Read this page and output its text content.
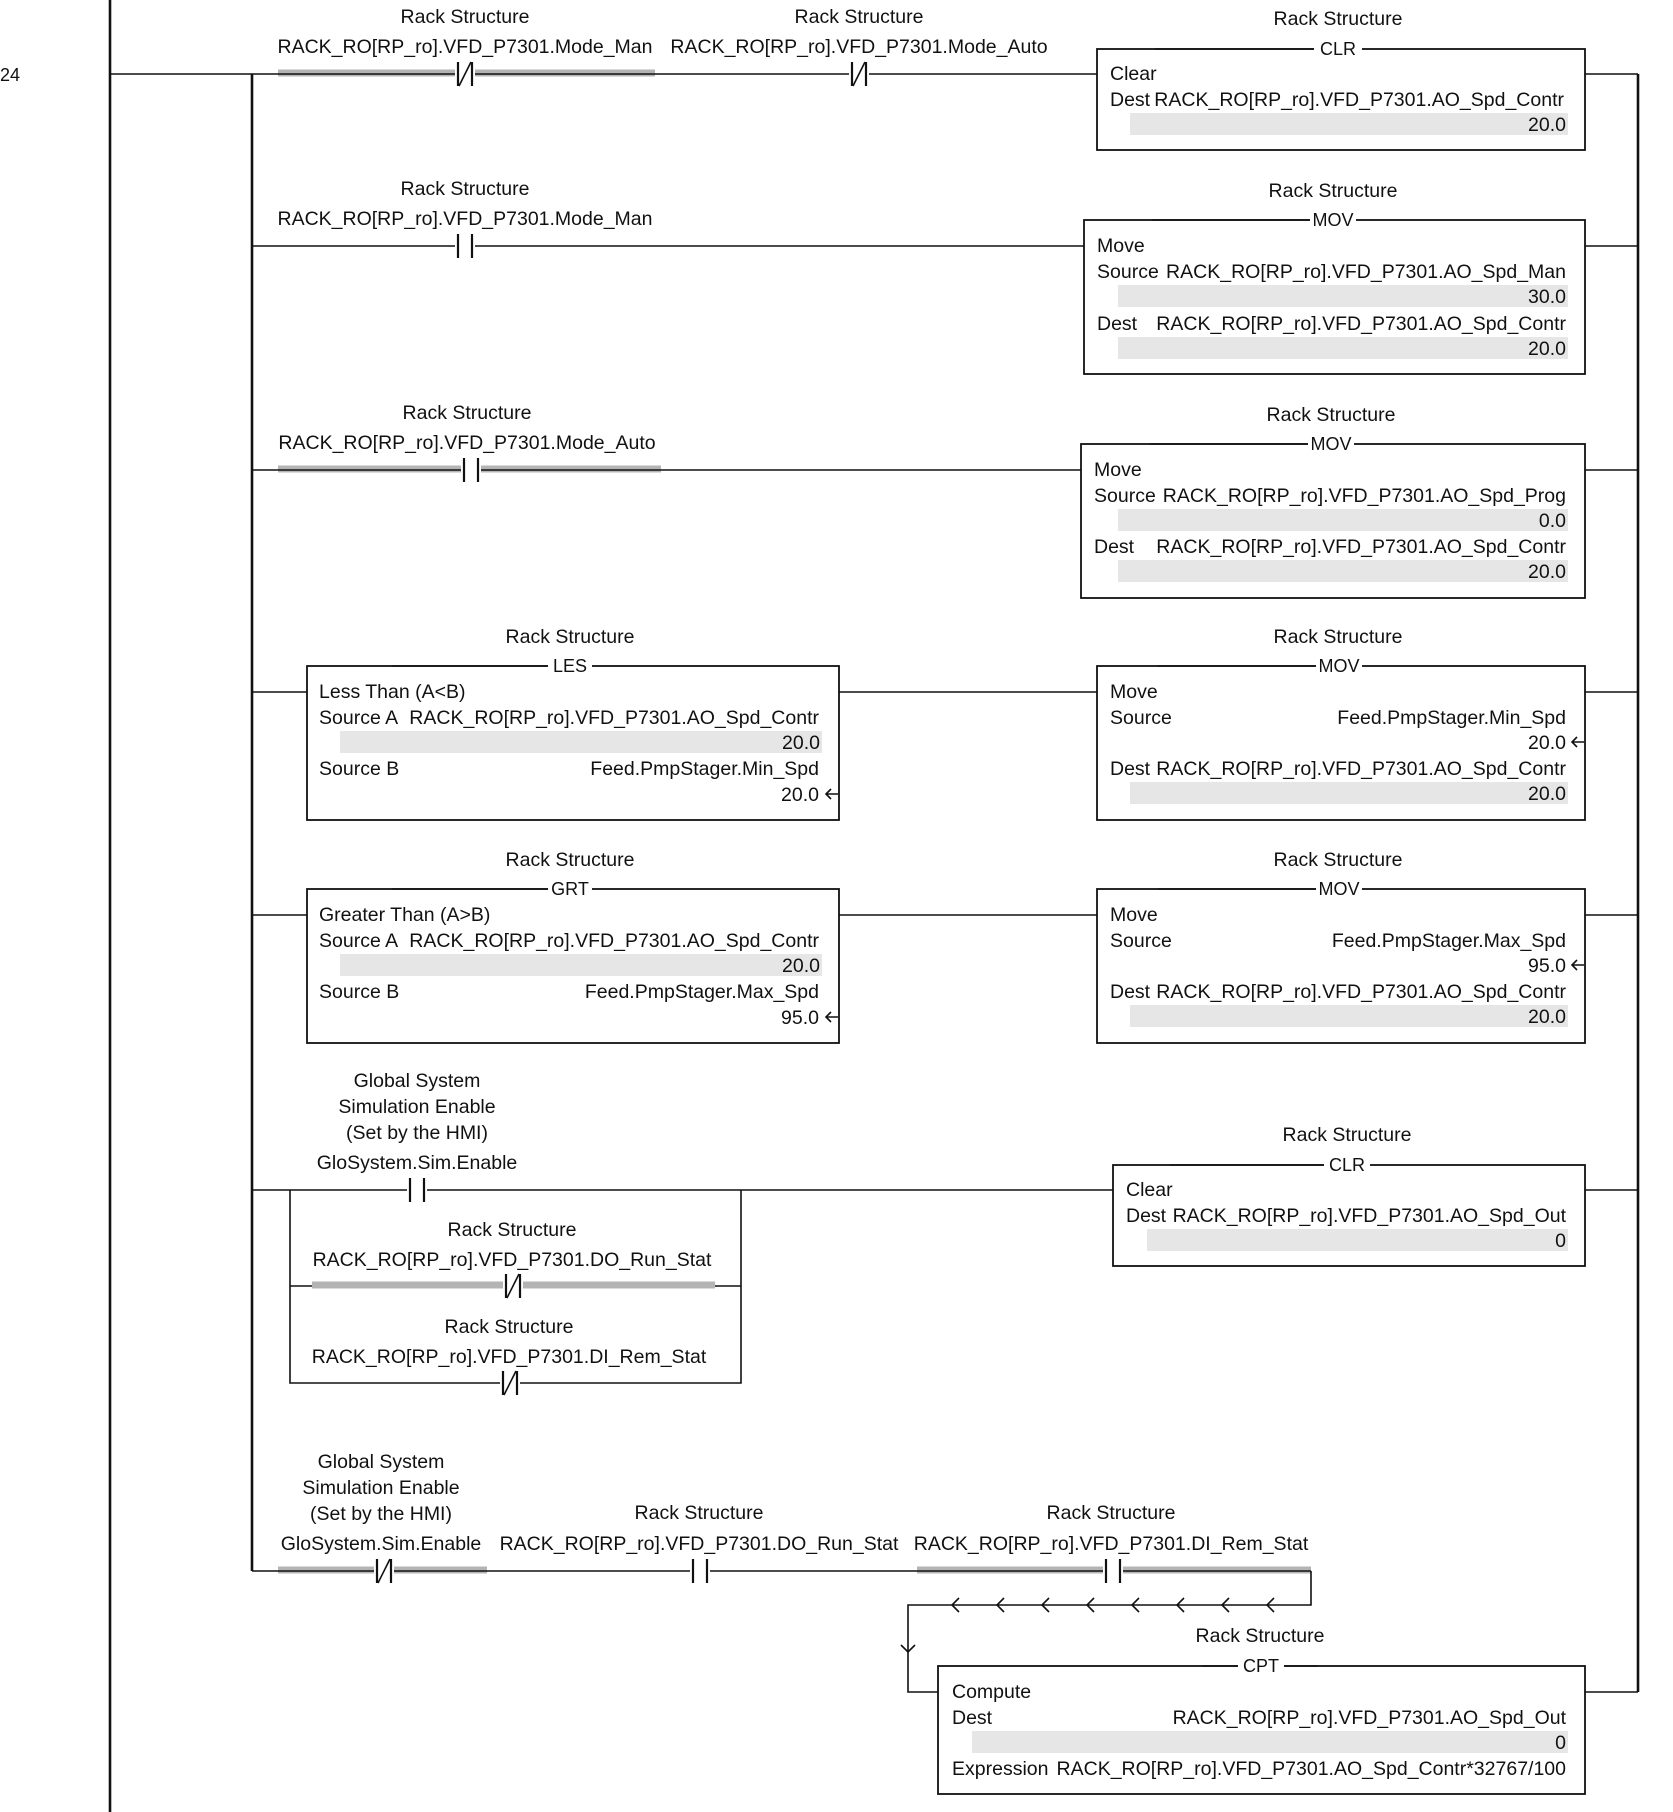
24
Rack Structure
RACK_RO[RP_ro].VFD_P7301.Mode_Man
Rack Structure
RACK_RO[RP_ro].VFD_P7301.Mode_Auto
Rack Structure
CLR
Clear
Dest RACK_RO[RP_ro].VFD_P7301.AO_Spd_Contr
20.0
Rack Structure
RACK_RO[RP_ro].VFD_P7301.Mode_Man
Rack Structure
MOV
Move
Source RACK_RO[RP_ro].VFD_P7301.AO_Spd_Man
30.0
Dest RACK_RO[RP_ro].VFD_P7301.AO_Spd_Contr
20.0
Rack Structure
RACK_RO[RP_ro].VFD_P7301.Mode_Auto
Rack Structure
MOV
Move
Source RACK_RO[RP_ro].VFD_P7301.AO_Spd_Prog
0.0
Dest RACK_RO[RP_ro].VFD_P7301.AO_Spd_Contr
20.0
Rack Structure
LES
Less Than (A<B)
Source A RACK_RO[RP_ro].VFD_P7301.AO_Spd_Contr
20.0
Source B	Feed.PmpStager.Min_Spd
20.0
Rack Structure
MOV
Move
Source	Feed.PmpStager.Min_Spd
20.0
Dest RACK_RO[RP_ro].VFD_P7301.AO_Spd_Contr
20.0
Rack Structure
GRT
Greater Than (A>B)
Source A RACK_RO[RP_ro].VFD_P7301.AO_Spd_Contr
20.0
Source B	Feed.PmpStager.Max_Spd
95.0
Rack Structure
MOV
Move
Source	Feed.PmpStager.Max_Spd
95.0
Dest RACK_RO[RP_ro].VFD_P7301.AO_Spd_Contr
20.0
Global System
Simulation Enable
(Set by the HMI)
GloSystem.Sim.Enable
Rack Structure
RACK_RO[RP_ro].VFD_P7301.DO_Run_Stat
Rack Structure
RACK_RO[RP_ro].VFD_P7301.DI_Rem_Stat
Rack Structure
CLR
Clear
Dest RACK_RO[RP_ro].VFD_P7301.AO_Spd_Out
0
Global System
Simulation Enable
(Set by the HMI)
GloSystem.Sim.Enable
Rack Structure
RACK_RO[RP_ro].VFD_P7301.DO_Run_Stat
Rack Structure
RACK_RO[RP_ro].VFD_P7301.DI_Rem_Stat
Rack Structure
CPT
Compute
Dest	RACK_RO[RP_ro].VFD_P7301.AO_Spd_Out
0
Expression RACK_RO[RP_ro].VFD_P7301.AO_Spd_Contr*32767/100
